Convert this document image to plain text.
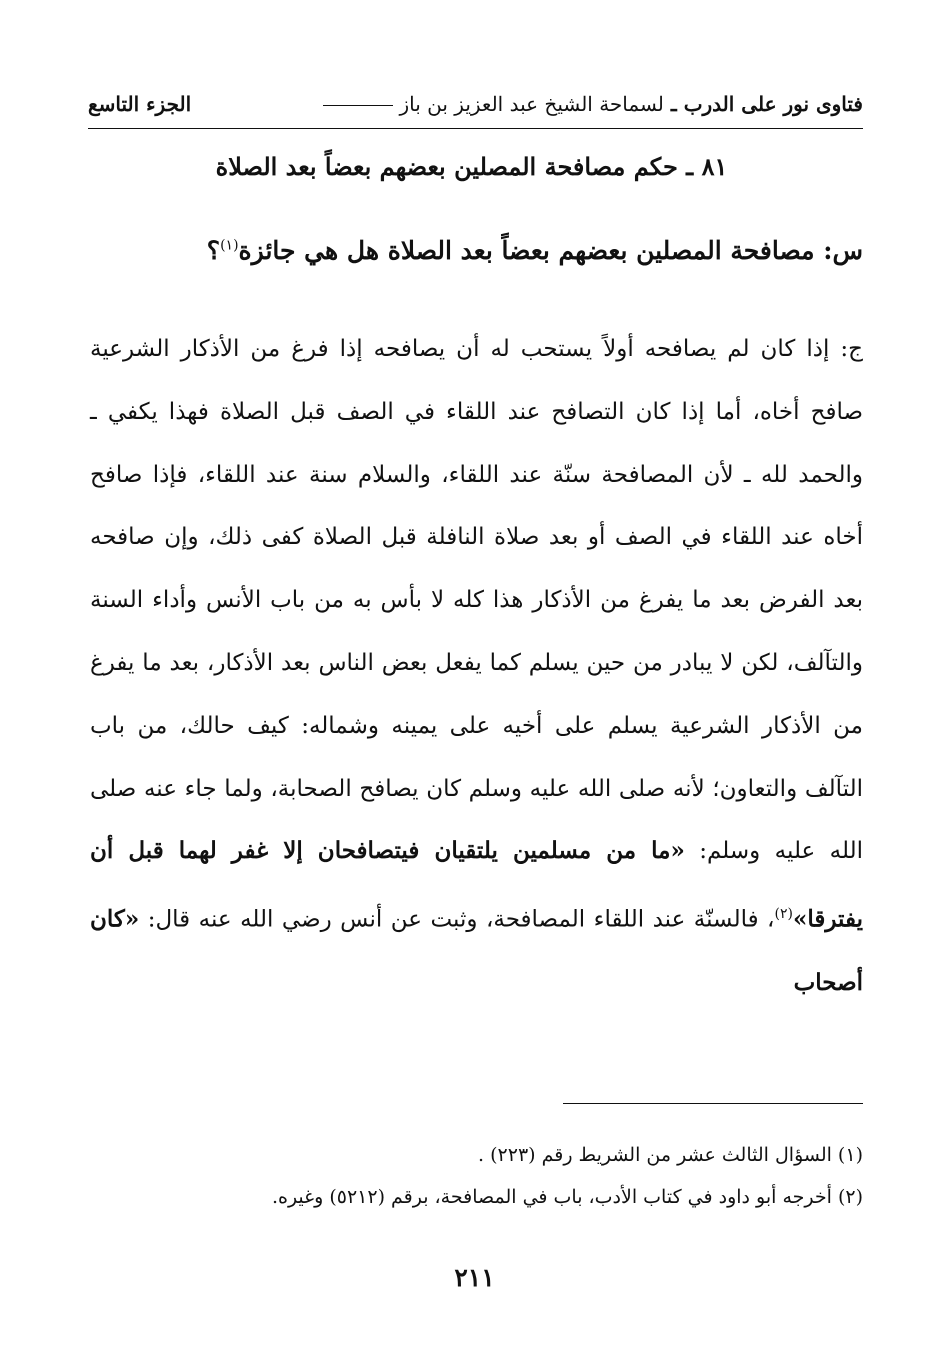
فتاوى نور على الدرب ـ لسماحة الشيخ عبد العزيز بن باز
الجزء التاسع
٨١ ـ حكم مصافحة المصلين بعضهم بعضاً بعد الصلاة
س: مصافحة المصلين بعضهم بعضاً بعد الصلاة هل هي جائزة$^{(١)}$؟

ج: إذا كان لم يصافحه أولاً يستحب له أن يصافحه إذا فرغ من الأذكار الشرعية صافح أخاه، أما إذا كان التصافح عند اللقاء في الصف قبل الصلاة فهذا يكفي ـ والحمد لله ـ لأن المصافحة سنّة عند اللقاء، والسلام سنة عند اللقاء، فإذا صافح أخاه عند اللقاء في الصف أو بعد صلاة النافلة قبل الصلاة كفى ذلك، وإن صافحه بعد الفرض بعد ما يفرغ من الأذكار هذا كله لا بأس به من باب الأنس وأداء السنة والتآلف، لكن لا يبادر من حين يسلم كما يفعل بعض الناس بعد الأذكار، بعد ما يفرغ من الأذكار الشرعية يسلم على أخيه على يمينه وشماله: كيف حالك، من باب التآلف والتعاون؛ لأنه صلى الله عليه وسلم كان يصافح الصحابة، ولما جاء عنه صلى الله عليه وسلم: «ما من مسلمين يلتقيان فيتصافحان إلا غفر لهما قبل أن يفترقا»$^{(٢)}$، فالسنّة عند اللقاء المصافحة، وثبت عن أنس رضي الله عنه قال: «كان أصحاب

(١) السؤال الثالث عشر من الشريط رقم (٢٢٣) .
(٢) أخرجه أبو داود في كتاب الأدب، باب في المصافحة، برقم (٥٢١٢) وغيره.
٢١١
